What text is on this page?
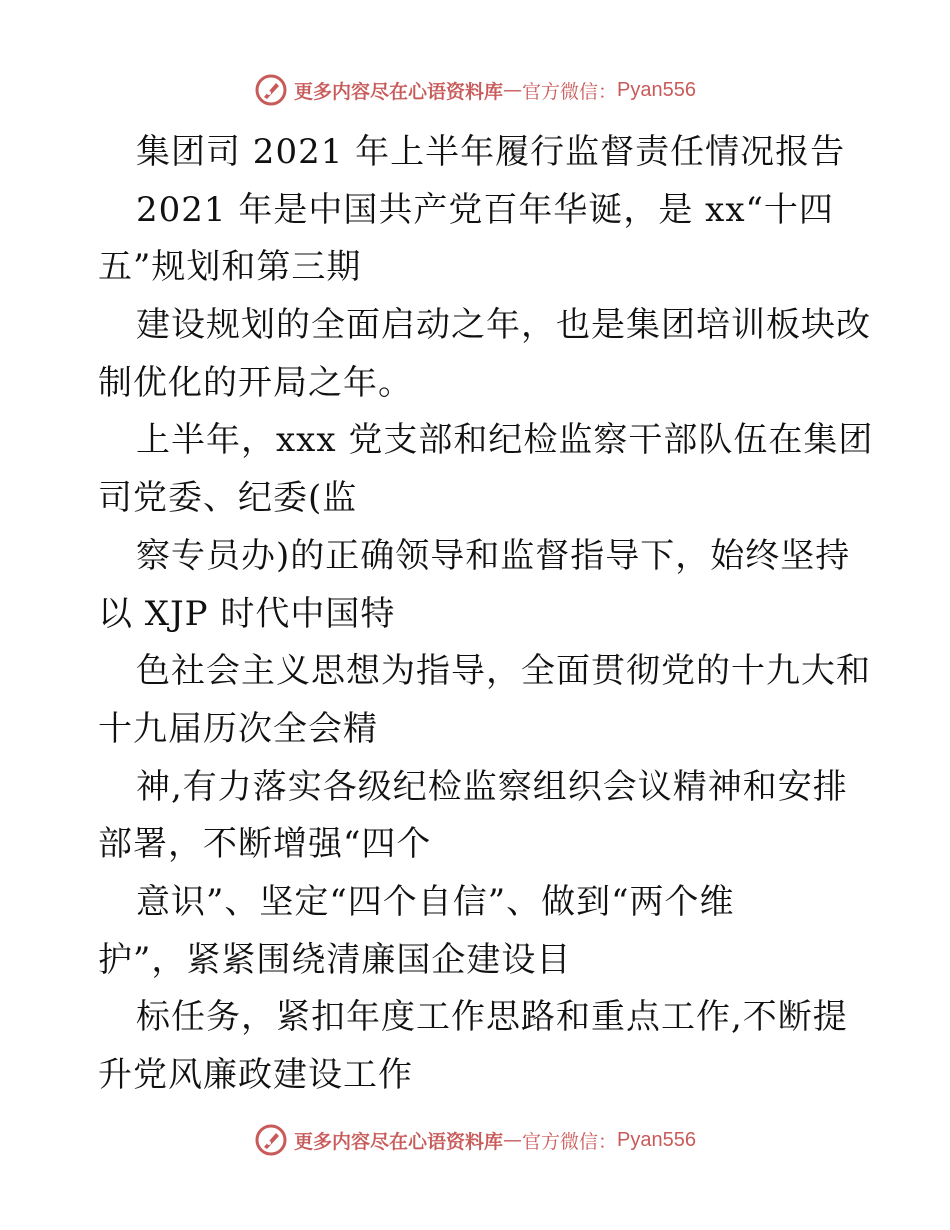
更多内容尽在心语资料库 — 官方微信： Pyan556
集团司 2021 年上半年履行监督责任情况报告
2021 年是中国共产党百年华诞，是 xx“十四
五”规划和第三期
建设规划的全面启动之年，也是集团培训板块改
制优化的开局之年。
上半年，xxx 党支部和纪检监察干部队伍在集团
司党委、纪委(监
察专员办)的正确领导和监督指导下，始终坚持
以 XJP 时代中国特
色社会主义思想为指导，全面贯彻党的十九大和
十九届历次全会精
神,有力落实各级纪检监察组织会议精神和安排
部署，不断增强“四个
意识”、坚定“四个自信”、做到“两个维
护”，紧紧围绕清廉国企建设目
标任务，紧扣年度工作思路和重点工作,不断提
升党风廉政建设工作
更多内容尽在心语资料库 — 官方微信： Pyan556
